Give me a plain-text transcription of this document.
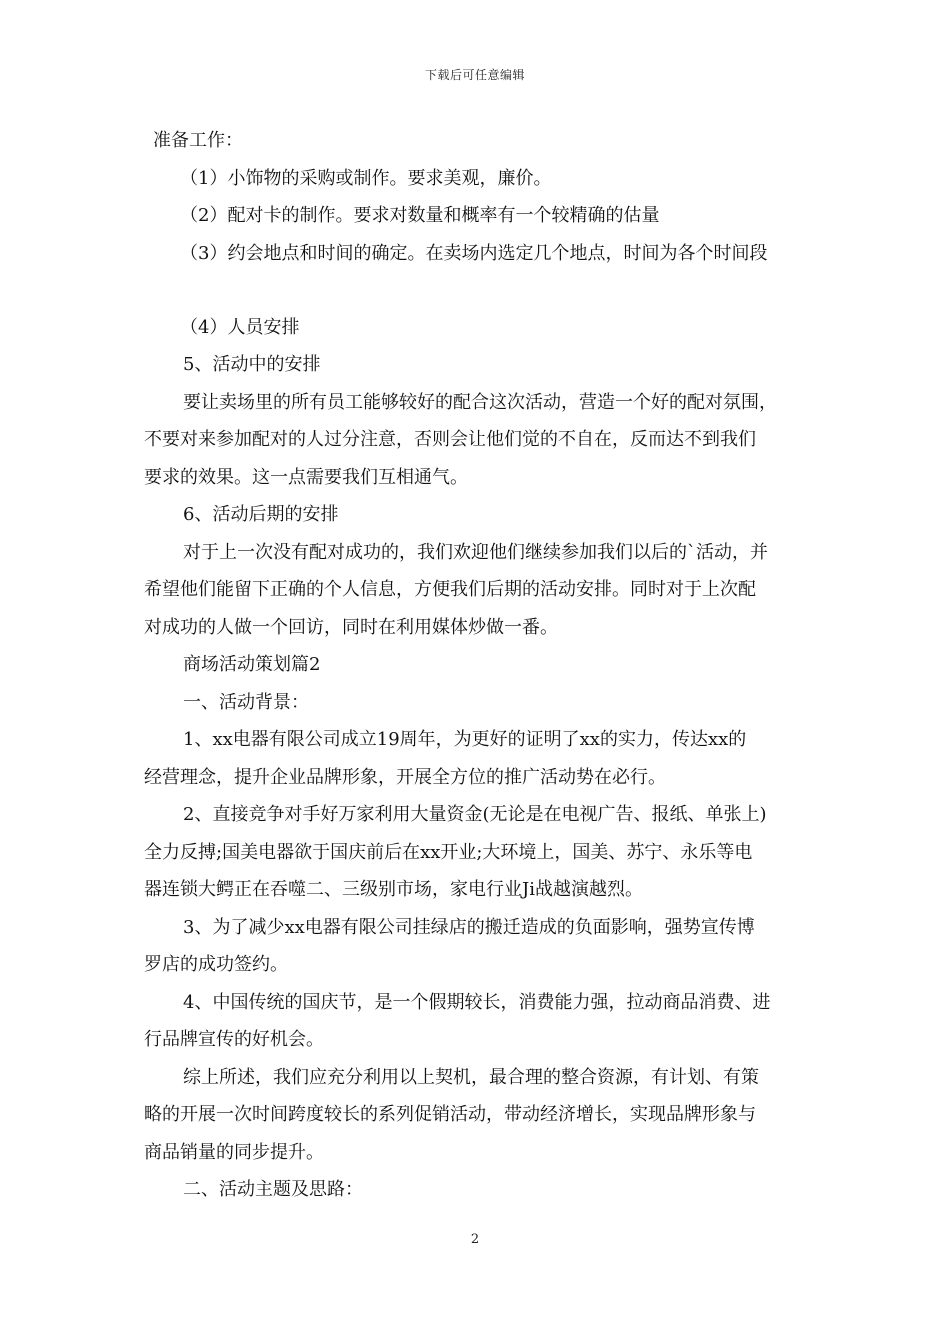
下载后可任意编辑
准备工作：
（1）小饰物的采购或制作。要求美观，廉价。
（2）配对卡的制作。要求对数量和概率有一个较精确的估量
（3）约会地点和时间的确定。在卖场内选定几个地点，时间为各个时间段
（4）人员安排
5、活动中的安排
要让卖场里的所有员工能够较好的配合这次活动，营造一个好的配对氛围，
不要对来参加配对的人过分注意，否则会让他们觉的不自在，反而达不到我们
要求的效果。这一点需要我们互相通气。
6、活动后期的安排
对于上一次没有配对成功的，我们欢迎他们继续参加我们以后的`活动，并
希望他们能留下正确的个人信息，方便我们后期的活动安排。同时对于上次配
对成功的人做一个回访，同时在利用媒体炒做一番。
商场活动策划篇2
一、活动背景：
1、xx电器有限公司成立19周年，为更好的证明了xx的实力，传达xx的
经营理念，提升企业品牌形象，开展全方位的推广活动势在必行。
2、直接竞争对手好万家利用大量资金(无论是在电视广告、报纸、单张上)
全力反搏;国美电器欲于国庆前后在xx开业;大环境上，国美、苏宁、永乐等电
器连锁大鳄正在吞噬二、三级别市场，家电行业Ji战越演越烈。
3、为了减少xx电器有限公司挂绿店的搬迁造成的负面影响，强势宣传博
罗店的成功签约。
4、中国传统的国庆节，是一个假期较长，消费能力强，拉动商品消费、进
行品牌宣传的好机会。
综上所述，我们应充分利用以上契机，最合理的整合资源，有计划、有策
略的开展一次时间跨度较长的系列促销活动，带动经济增长，实现品牌形象与
商品销量的同步提升。
二、活动主题及思路：
2
